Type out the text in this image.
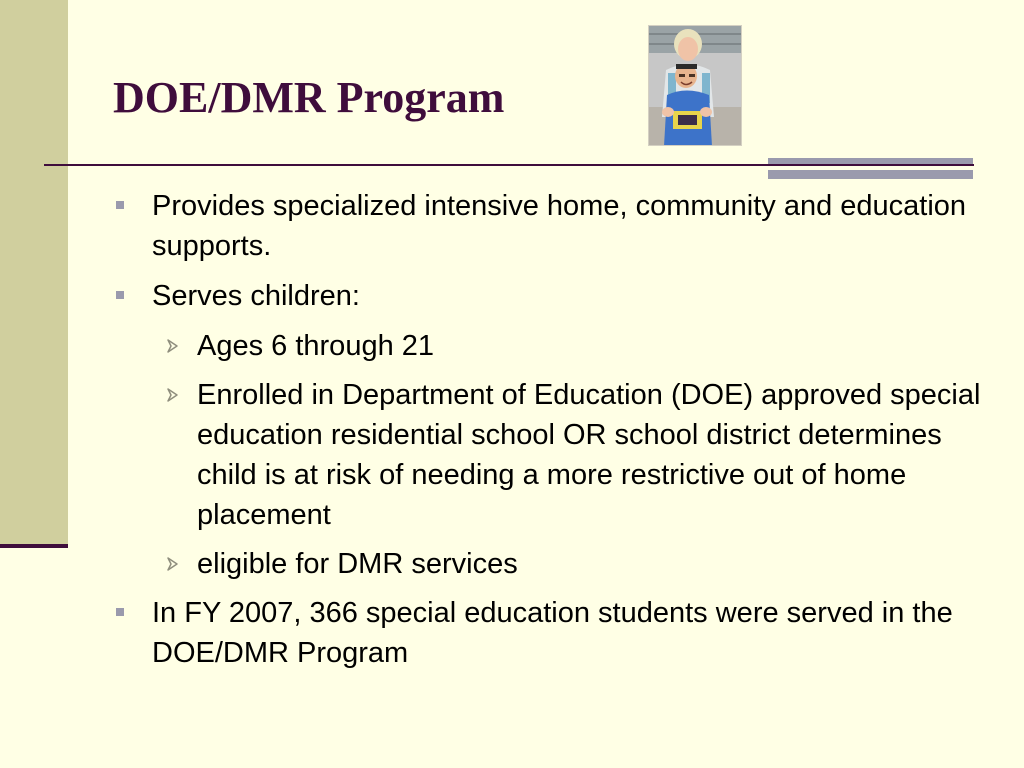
DOE/DMR Program
Provides specialized intensive home, community and education supports.
Serves children:
Ages 6 through 21
Enrolled in Department of Education (DOE) approved special education residential school OR school district determines child is at risk of needing a more restrictive out of home placement
eligible for DMR services
In FY 2007, 366 special education students were served in the DOE/DMR Program
